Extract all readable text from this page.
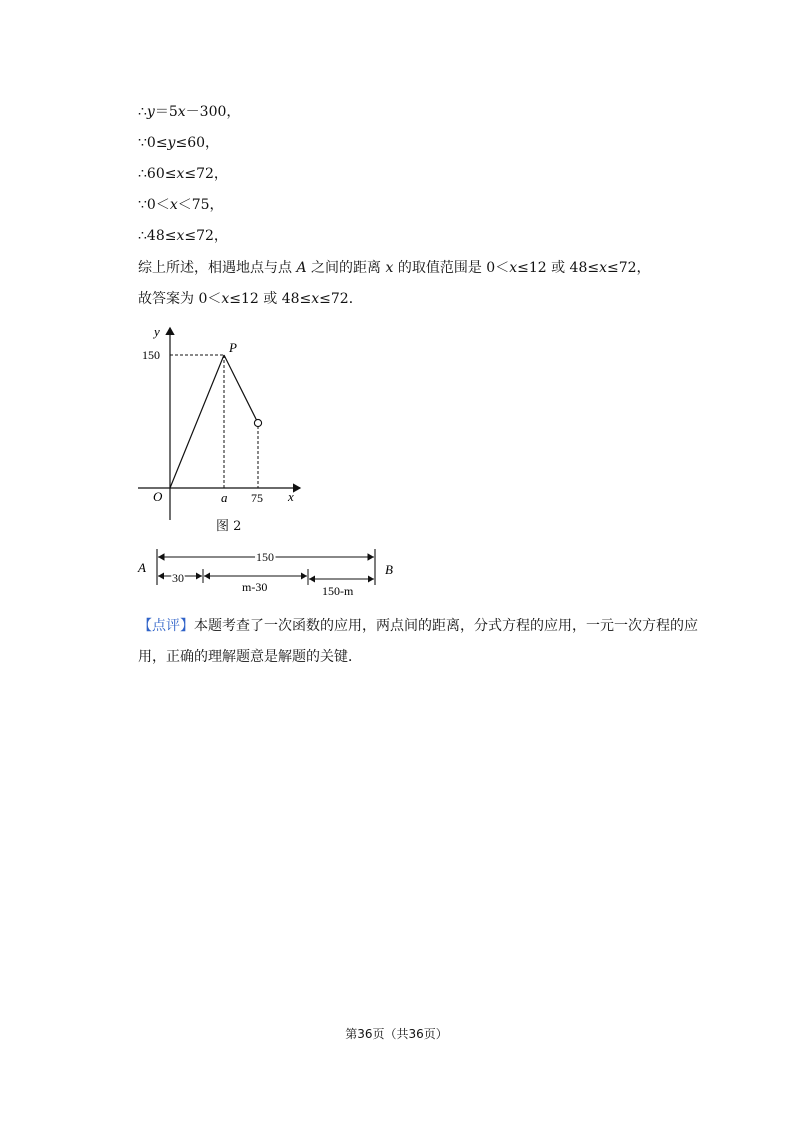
∴y＝5x－300，
∵0≤y≤60，
∴60≤x≤72，
∵0＜x＜75，
∴48≤x≤72，
综上所述，相遇地点与点 A 之间的距离 x 的取值范围是 0＜x≤12 或 48≤x≤72，
故答案为 0＜x≤12 或 48≤x≤72．
y
x
O
P
150
a 75
图 2
A	B
150
30
m-30	150-m
【点评】本题考查了一次函数的应用，两点间的距离，分式方程的应用，一元一次方程的应用，正确的理解题意是解题的关键．
第36页（共36页）
